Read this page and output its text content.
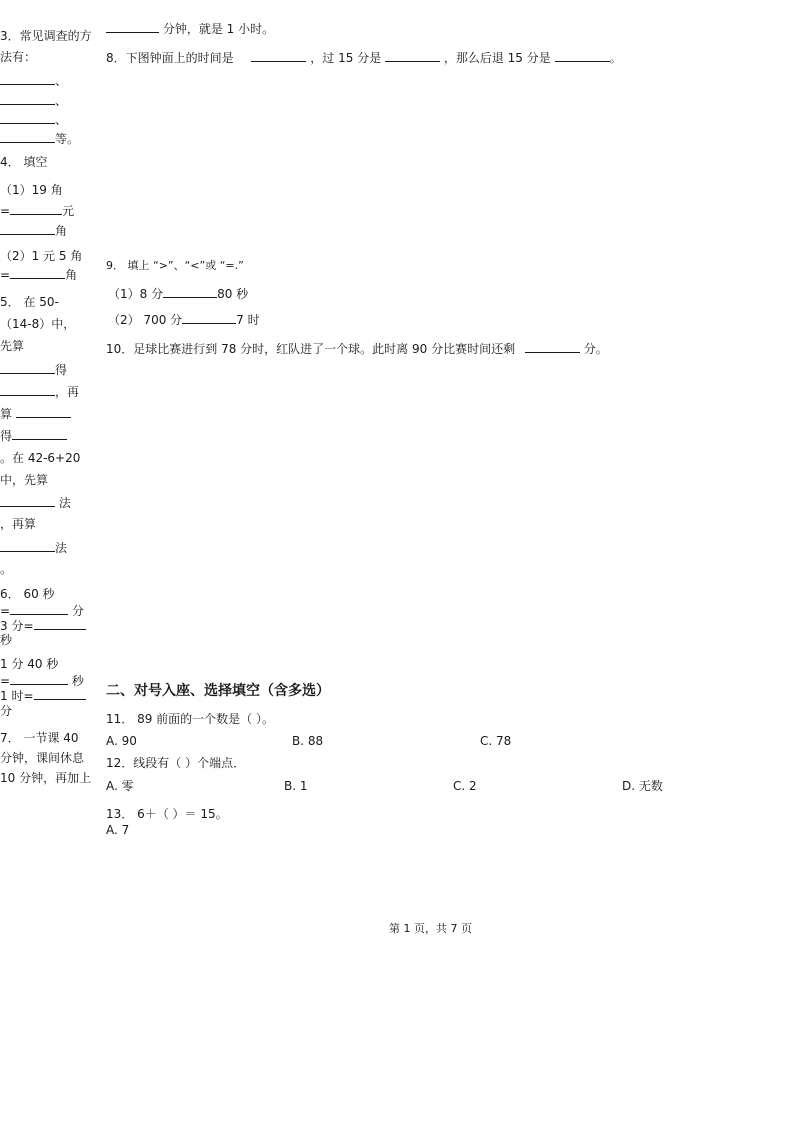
3．常见调查的方
法有：
、
、
、
等。
4． 填空
（1）19 角
=	元
角
（2）1 元 5 角
=	角
5． 在 50-
（14-8）中，
先算
得
，再
算
得
。在 42-6+20
中，先算
法
，再算
法
。
6． 60 秒
=	分
3 分=
秒
1 分 40 秒
=	秒
1 时=
分
7． 一节课 40
分钟，课间休息
10 分钟，再加上
分钟，就是 1 小时。
8．下图钟面上的时间是	，过 15 分是	，那么后退 15 分是	。
9． 填上 “>”、“<”或 “=.”
（1）8 分	80 秒
（2） 700 分	7 时
10．足球比赛进行到 78 分时，红队进了一个球。此时离 90 分比赛时间还剩	分。
二、对号入座、选择填空（含多选）
11． 89 前面的一个数是（ ）。
A. 90	B. 88	C. 78
12．线段有（ ）个端点．
A. 零	B. 1	C. 2	D. 无数
13． 6＋（ ）＝ 15。
A. 7
第 1 页，共 7 页
